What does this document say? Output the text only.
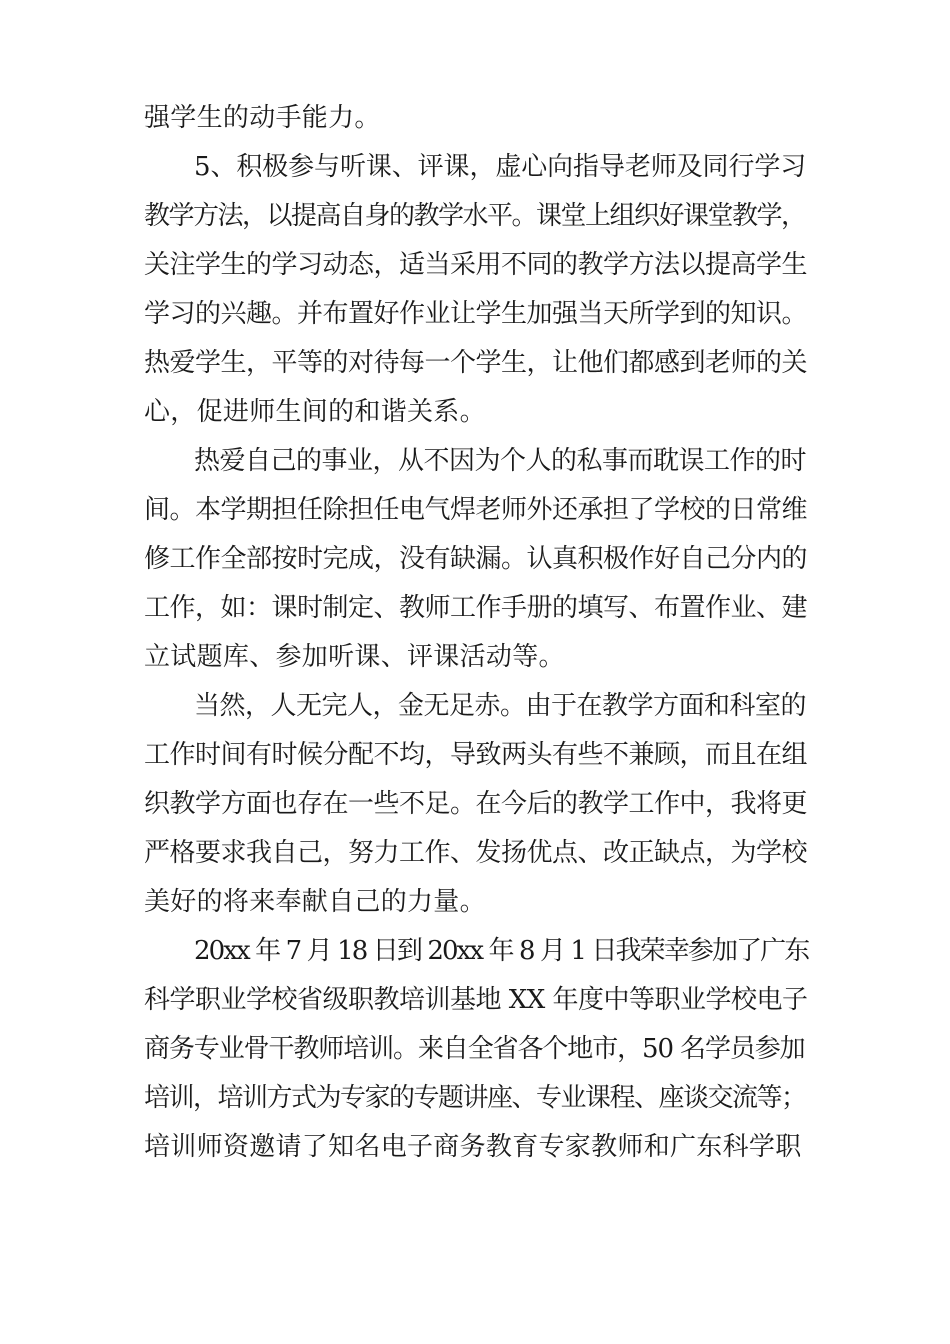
强学生的动手能力。
5、积极参与听课、评课，虚心向指导老师及同行学习
教学方法，以提高自身的教学水平。课堂上组织好课堂教学，
关注学生的学习动态，适当采用不同的教学方法以提高学生
学习的兴趣。并布置好作业让学生加强当天所学到的知识。
热爱学生，平等的对待每一个学生，让他们都感到老师的关
心，促进师生间的和谐关系。
热爱自己的事业，从不因为个人的私事而耽误工作的时
间。本学期担任除担任电气焊老师外还承担了学校的日常维
修工作全部按时完成，没有缺漏。认真积极作好自己分内的
工作，如：课时制定、教师工作手册的填写、布置作业、建
立试题库、参加听课、评课活动等。
当然，人无完人，金无足赤。由于在教学方面和科室的
工作时间有时候分配不均，导致两头有些不兼顾，而且在组
织教学方面也存在一些不足。在今后的教学工作中，我将更
严格要求我自己，努力工作、发扬优点、改正缺点，为学校
美好的将来奉献自己的力量。
20xx 年 7 月 18 日到 20xx 年 8 月 1 日我荣幸参加了广东
科学职业学校省级职教培训基地 XX 年度中等职业学校电子
商务专业骨干教师培训。来自全省各个地市，50 名学员参加
培训，培训方式为专家的专题讲座、专业课程、座谈交流等；
培训师资邀请了知名电子商务教育专家教师和广东科学职
